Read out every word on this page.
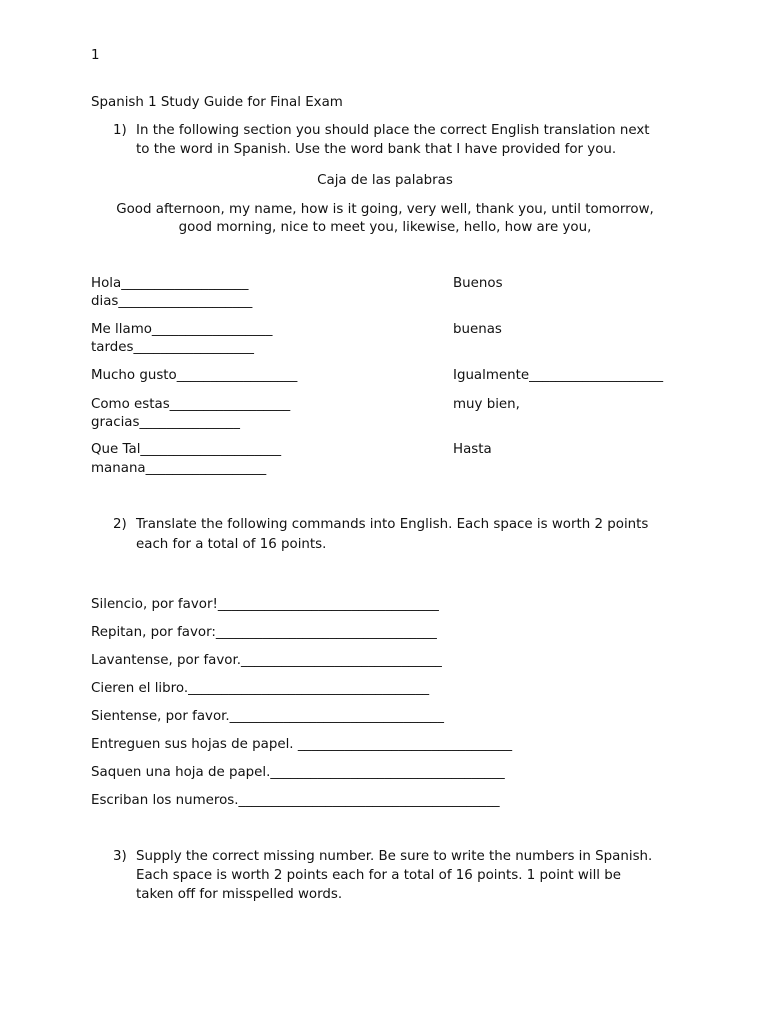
1
Spanish 1 Study Guide for Final Exam
1) In the following section you should place the correct English translation next
to the word in Spanish. Use the word bank that I have provided for you.
Caja de las palabras
Good afternoon, my name, how is it going, very well, thank you, until tomorrow,
good morning, nice to meet you, likewise, hello, how are you,
Hola___________________
dias____________________
Buenos
Me llamo__________________
tardes__________________
buenas
Mucho gusto__________________	Igualmente____________________
Como estas__________________
gracias_______________
muy bien,
Que Tal_____________________
manana__________________
Hasta
2) Translate the following commands into English. Each space is worth 2 points
each for a total of 16 points.
Silencio, por favor!_________________________________
Repitan, por favor:_________________________________
Lavantense, por favor.______________________________
Cieren el libro.____________________________________
Sientense, por favor.________________________________
Entreguen sus hojas de papel. ________________________________
Saquen una hoja de papel.___________________________________
Escriban los numeros._______________________________________
3) Supply the correct missing number. Be sure to write the numbers in Spanish.
Each space is worth 2 points each for a total of 16 points. 1 point will be
taken off for misspelled words.
